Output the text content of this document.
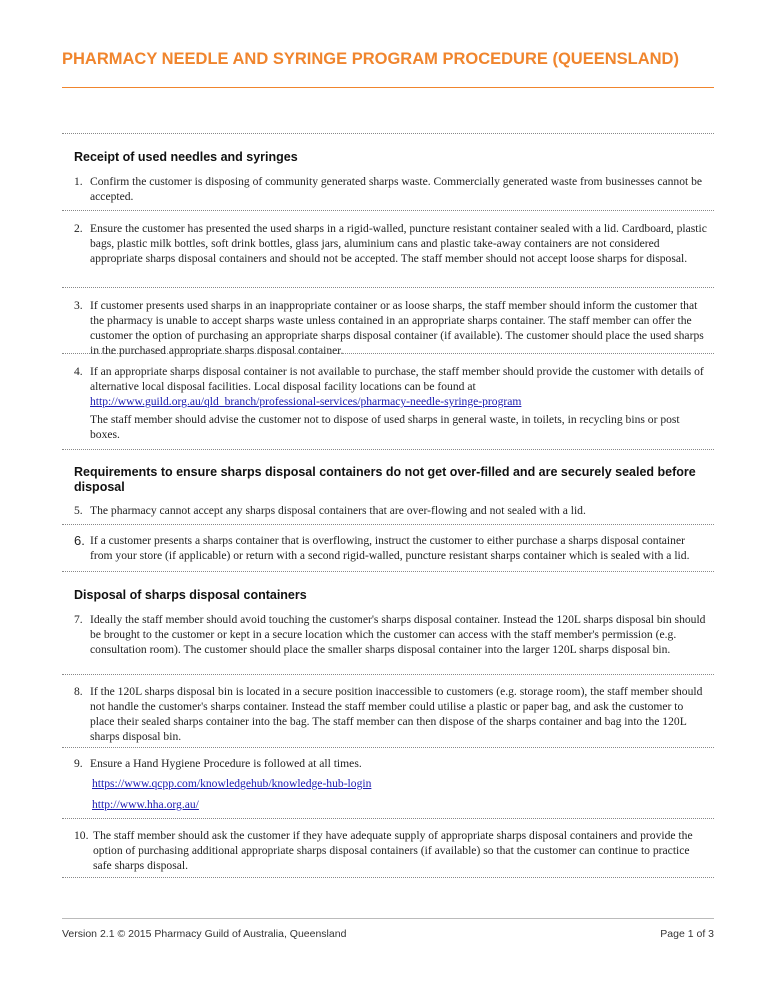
PHARMACY NEEDLE AND SYRINGE PROGRAM PROCEDURE (QUEENSLAND)
Receipt of used needles and syringes
1. Confirm the customer is disposing of community generated sharps waste. Commercially generated waste from businesses cannot be accepted.
2. Ensure the customer has presented the used sharps in a rigid-walled, puncture resistant container sealed with a lid. Cardboard, plastic bags, plastic milk bottles, soft drink bottles, glass jars, aluminium cans and plastic take-away containers are not considered appropriate sharps disposal containers and should not be accepted. The staff member should not accept loose sharps for disposal.
3. If customer presents used sharps in an inappropriate container or as loose sharps, the staff member should inform the customer that the pharmacy is unable to accept sharps waste unless contained in an appropriate sharps container. The staff member can offer the customer the option of purchasing an appropriate sharps disposal container (if available). The customer should place the used sharps in the purchased appropriate sharps disposal container.
4. If an appropriate sharps disposal container is not available to purchase, the staff member should provide the customer with details of alternative local disposal facilities. Local disposal facility locations can be found at
http://www.guild.org.au/qld_branch/professional-services/pharmacy-needle-syringe-program
The staff member should advise the customer not to dispose of used sharps in general waste, in toilets, in recycling bins or post boxes.
Requirements to ensure sharps disposal containers do not get over-filled and are securely sealed before disposal
5. The pharmacy cannot accept any sharps disposal containers that are over-flowing and not sealed with a lid.
6. If a customer presents a sharps container that is overflowing, instruct the customer to either purchase a sharps disposal container from your store (if applicable) or return with a second rigid-walled, puncture resistant sharps container which is sealed with a lid.
Disposal of sharps disposal containers
7. Ideally the staff member should avoid touching the customer's sharps disposal container. Instead the 120L sharps disposal bin should be brought to the customer or kept in a secure location which the customer can access with the staff member's permission (e.g. consultation room). The customer should place the smaller sharps disposal container into the larger 120L sharps disposal bin.
8. If the 120L sharps disposal bin is located in a secure position inaccessible to customers (e.g. storage room), the staff member should not handle the customer's sharps container. Instead the staff member could utilise a plastic or paper bag, and ask the customer to place their sealed sharps container into the bag. The staff member can then dispose of the sharps container and bag into the 120L sharps disposal bin.
9. Ensure a Hand Hygiene Procedure is followed at all times.
https://www.qcpp.com/knowledgehub/knowledge-hub-login
http://www.hha.org.au/
10. The staff member should ask the customer if they have adequate supply of appropriate sharps disposal containers and provide the option of purchasing additional appropriate sharps disposal containers (if available) so that the customer can continue to practice safe sharps disposal.
Version 2.1 © 2015 Pharmacy Guild of Australia, Queensland	Page 1 of 3
